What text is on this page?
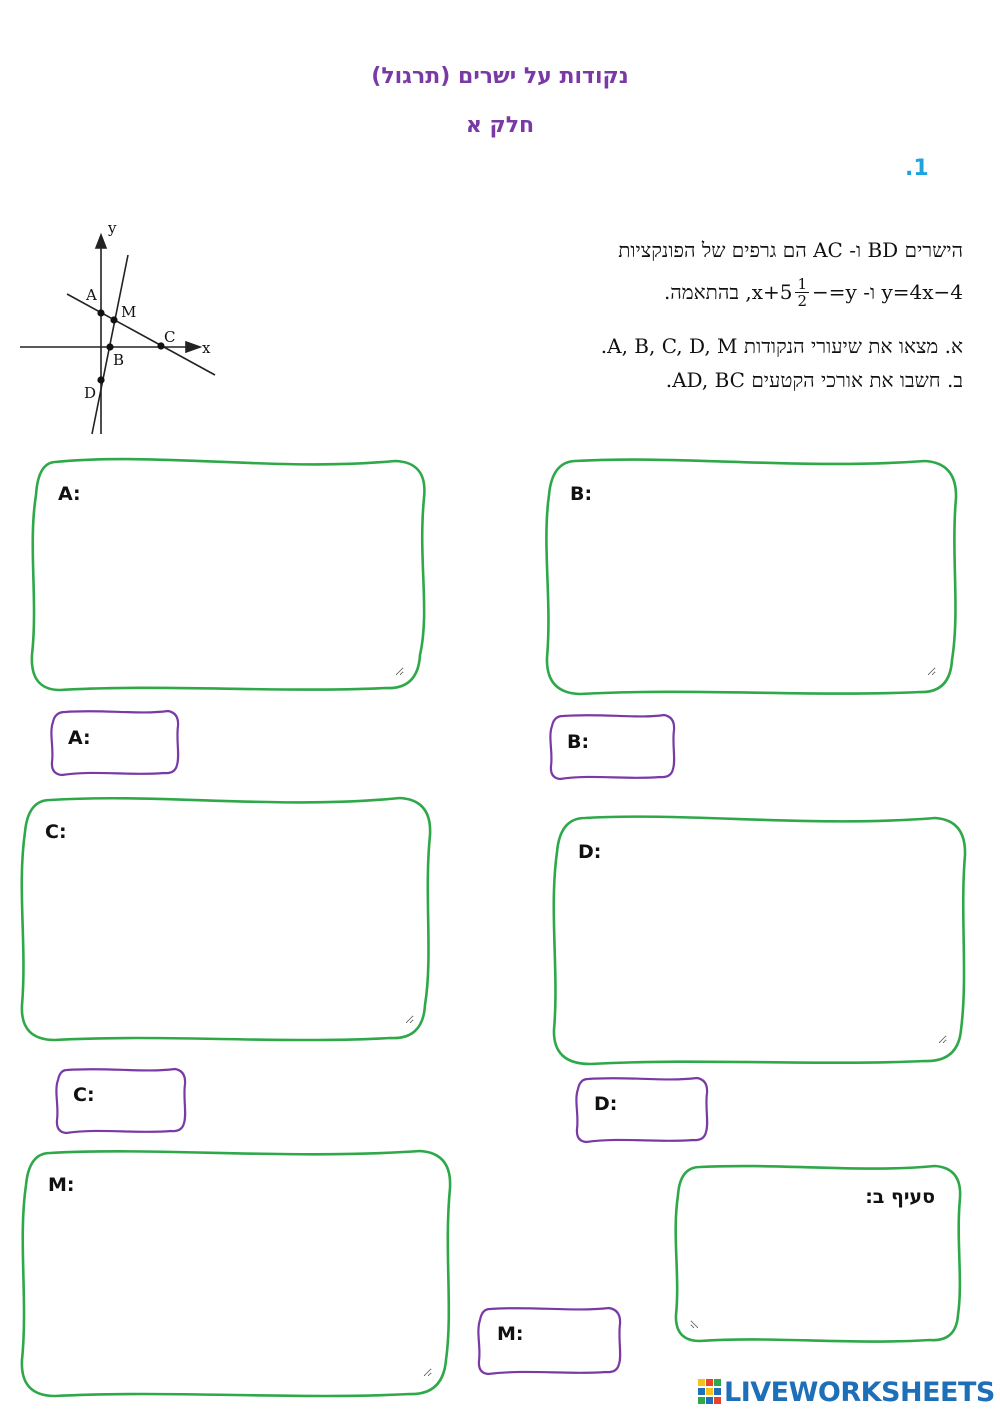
נקודות על ישרים (תרגול)
חלק א
.1
A
M
B
C
D
x
y
הישרים BD ו- AC הם גרפים של הפונקציות
x+5, בהתאמה. $\frac{1}{2} y=4x-4$ ו- y=−
א. מצאו את שיעורי הנקודות A, B, C, D, M.
ב. חשבו את אורכי הקטעים AD, BC.
A:	B:
C:
D:
M:
A:	B:
C:	D:
M:
סעיף ב:
LIVEWORKSHEETS
